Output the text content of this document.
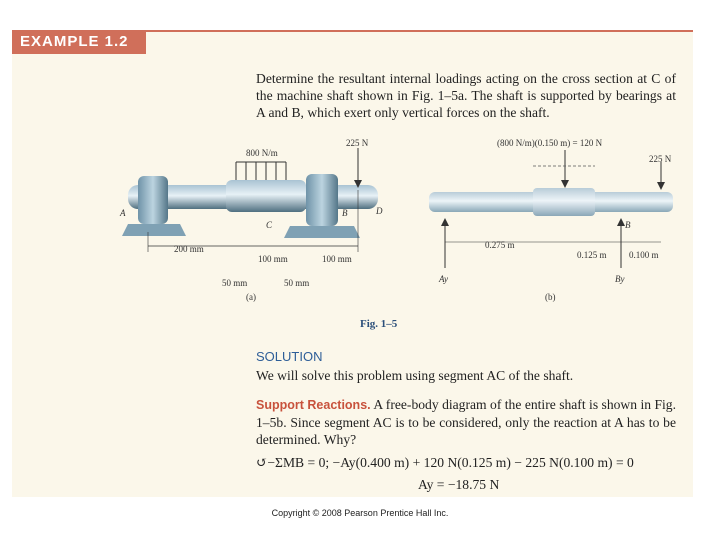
EXAMPLE 1.2
Determine the resultant internal loadings acting on the cross section at C of the machine shaft shown in Fig. 1–5a. The shaft is supported by bearings at A and B, which exert only vertical forces on the shaft.
800 N/m
225 N
A
C
B	D
200 mm
100 mm	100 mm
50 mm	50 mm
(a)
(800 N/m)(0.150 m) = 120 N
225 N
B
0.275 m
0.125 m 0.100 m
Ay	By
(b)
Fig. 1–5
SOLUTION
We will solve this problem using segment AC of the shaft.
Support Reactions. A free-body diagram of the entire shaft is shown in Fig. 1–5b. Since segment AC is to be considered, only the reaction at A has to be determined. Why?
↺−ΣMB = 0; −Ay(0.400 m) + 120 N(0.125 m) − 225 N(0.100 m) = 0
Ay = −18.75 N
Copyright © 2008 Pearson Prentice Hall Inc.
